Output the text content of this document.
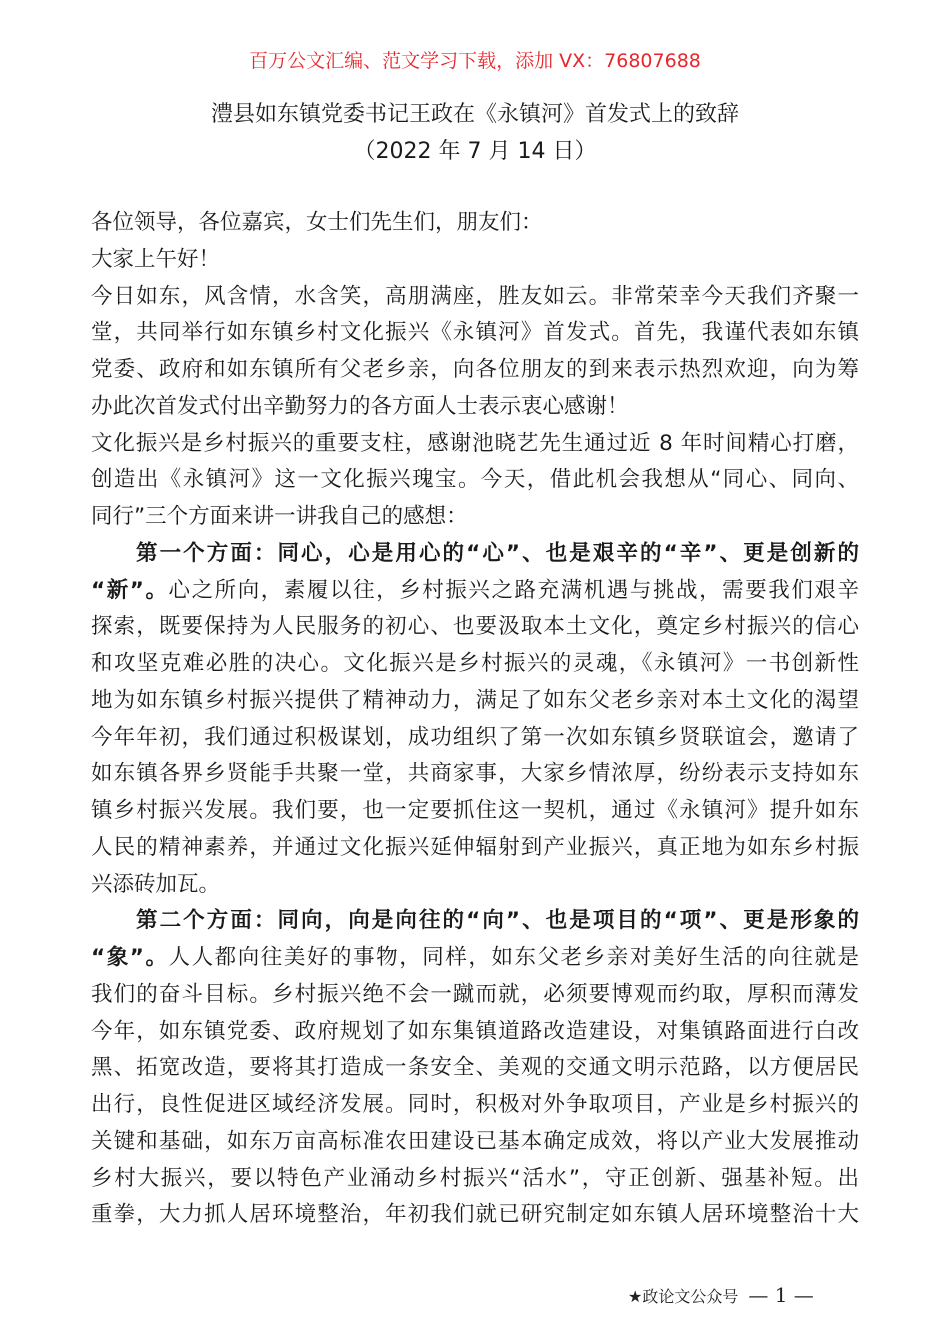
百万公文汇编、范文学习下载，添加 VX：76807688
澧县如东镇党委书记王政在《永镇河》首发式上的致辞
（2022 年 7 月 14 日）
各位领导，各位嘉宾，女士们先生们，朋友们：
大家上午好！
今日如东，风含情，水含笑，高朋满座，胜友如云。非常荣幸今天我们齐聚一
堂，共同举行如东镇乡村文化振兴《永镇河》首发式。首先，我谨代表如东镇
党委、政府和如东镇所有父老乡亲，向各位朋友的到来表示热烈欢迎，向为筹
办此次首发式付出辛勤努力的各方面人士表示衷心感谢！
文化振兴是乡村振兴的重要支柱，感谢池晓艺先生通过近 8 年时间精心打磨，
创造出《永镇河》这一文化振兴瑰宝。今天，借此机会我想从“同心、同向、
同行”三个方面来讲一讲我自己的感想：
第一个方面：同心，心是用心的“心”、也是艰辛的“辛”、更是创新的
“新”。心之所向，素履以往，乡村振兴之路充满机遇与挑战，需要我们艰辛
探索，既要保持为人民服务的初心、也要汲取本土文化，奠定乡村振兴的信心
和攻坚克难必胜的决心。文化振兴是乡村振兴的灵魂，《永镇河》一书创新性
地为如东镇乡村振兴提供了精神动力，满足了如东父老乡亲对本土文化的渴望
今年年初，我们通过积极谋划，成功组织了第一次如东镇乡贤联谊会，邀请了
如东镇各界乡贤能手共聚一堂，共商家事，大家乡情浓厚，纷纷表示支持如东
镇乡村振兴发展。我们要，也一定要抓住这一契机，通过《永镇河》提升如东
人民的精神素养，并通过文化振兴延伸辐射到产业振兴，真正地为如东乡村振
兴添砖加瓦。
第二个方面：同向，向是向往的“向”、也是项目的“项”、更是形象的
“象”。人人都向往美好的事物，同样，如东父老乡亲对美好生活的向往就是
我们的奋斗目标。乡村振兴绝不会一蹴而就，必须要博观而约取，厚积而薄发
今年，如东镇党委、政府规划了如东集镇道路改造建设，对集镇路面进行白改
黑、拓宽改造，要将其打造成一条安全、美观的交通文明示范路，以方便居民
出行，良性促进区域经济发展。同时，积极对外争取项目，产业是乡村振兴的
关键和基础，如东万亩高标准农田建设已基本确定成效，将以产业大发展推动
乡村大振兴，要以特色产业涌动乡村振兴“活水”，守正创新、强基补短。出
重拳，大力抓人居环境整治，年初我们就已研究制定如东镇人居环境整治十大
★政论文公众号 — 1 —
